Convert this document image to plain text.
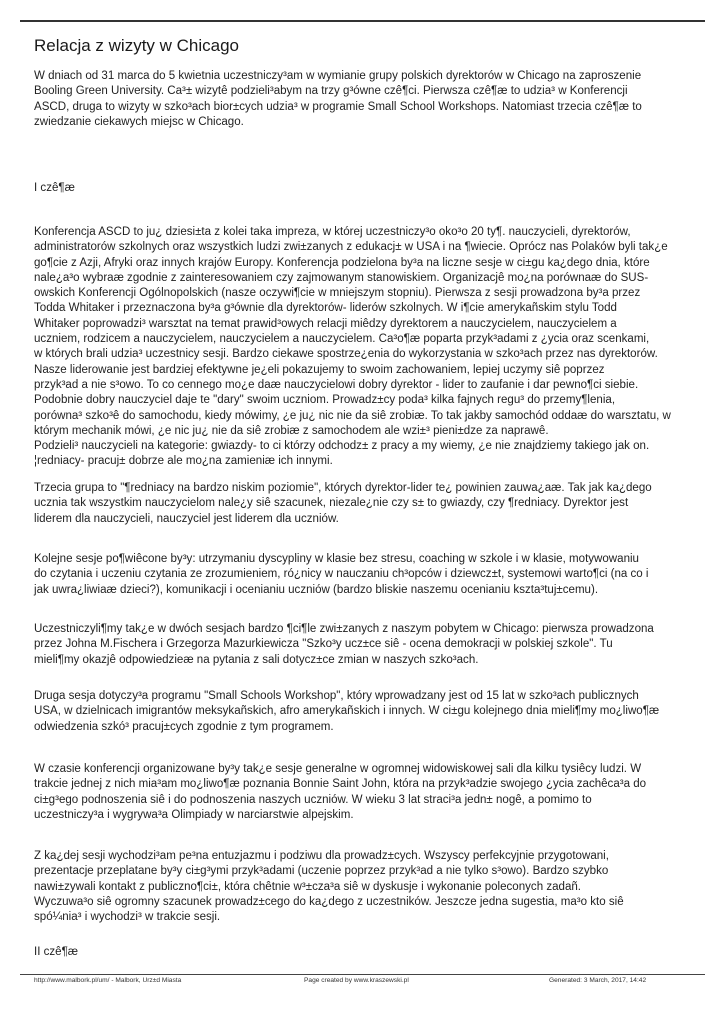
Relacja z wizyty w Chicago

W dniach od 31 marca do 5 kwietnia uczestniczy³am w wymianie grupy polskich dyrektorów w Chicago na zaproszenie
Booling Green University. Ca³± wizytê podzieli³abym na trzy g³ówne czê¶ci. Pierwsza czê¶æ to udzia³ w Konferencji
ASCD, druga to wizyty w szko³ach bior±cych udzia³ w programie Small School Workshops. Natomiast trzecia czê¶æ to
zwiedzanie ciekawych miejsc w Chicago.

I czê¶æ

Konferencja ASCD to ju¿ dziesi±ta z kolei taka impreza, w której uczestniczy³o oko³o 20 ty¶. nauczycieli, dyrektorów,
administratorów szkolnych oraz wszystkich ludzi zwi±zanych z edukacj± w USA i na ¶wiecie. Oprócz nas Polaków byli tak¿e
go¶cie z Azji, Afryki oraz innych krajów Europy. Konferencja podzielona by³a na liczne sesje w ci±gu ka¿dego dnia, które
nale¿a³o wybraæ zgodnie z zainteresowaniem czy zajmowanym stanowiskiem. Organizacjê mo¿na porównaæ do SUS-
owskich Konferencji Ogólnopolskich (nasze oczywi¶cie w mniejszym stopniu). Pierwsza z sesji prowadzona by³a przez
Todda Whitaker i przeznaczona by³a g³ównie dla dyrektorów- liderów szkolnych. W i¶cie amerykañskim stylu Todd
Whitaker poprowadzi³ warsztat na temat prawid³owych relacji miêdzy dyrektorem a nauczycielem, nauczycielem a
uczniem, rodzicem a nauczycielem, nauczycielem a nauczycielem. Ca³o¶æ poparta przyk³adami z ¿ycia oraz scenkami,
w których brali udzia³ uczestnicy sesji. Bardzo ciekawe spostrze¿enia do wykorzystania w szko³ach przez nas dyrektorów.
Nasze liderowanie jest bardziej efektywne je¿eli pokazujemy to swoim zachowaniem, lepiej uczymy siê poprzez
przyk³ad a nie s³owo. To co cennego mo¿e daæ nauczycielowi dobry dyrektor - lider to zaufanie i dar pewno¶ci siebie.
Podobnie dobry nauczyciel daje te "dary" swoim uczniom. Prowadz±cy poda³ kilka fajnych regu³ do przemy¶lenia,
porówna³ szko³ê do samochodu, kiedy mówimy, ¿e ju¿ nic nie da siê zrobiæ. To tak jakby samochód oddaæ do warsztatu, w
którym mechanik mówi, ¿e nic ju¿ nie da siê zrobiæ z samochodem ale wzi±³ pieni±dze za naprawê.
Podzieli³ nauczycieli na kategorie: gwiazdy- to ci którzy odchodz± z pracy a my wiemy, ¿e nie znajdziemy takiego jak on.
¦redniacy- pracuj± dobrze ale mo¿na zamieniæ ich innymi.

Trzecia grupa to "¶redniacy na bardzo niskim poziomie", których dyrektor-lider te¿ powinien zauwa¿aæ. Tak jak ka¿dego
ucznia tak wszystkim nauczycielom nale¿y siê szacunek, niezale¿nie czy s± to gwiazdy, czy ¶redniacy. Dyrektor jest
liderem dla nauczycieli, nauczyciel jest liderem dla uczniów.

Kolejne sesje po¶wiêcone by³y: utrzymaniu dyscypliny w klasie bez stresu, coaching w szkole i w klasie, motywowaniu
do czytania i uczeniu czytania ze zrozumieniem, ró¿nicy w nauczaniu ch³opców i dziewcz±t, systemowi warto¶ci (na co i
jak uwra¿liwiaæ dzieci?), komunikacji i ocenianiu uczniów (bardzo bliskie naszemu ocenianiu kszta³tuj±cemu).

Uczestniczyli¶my tak¿e w dwóch sesjach bardzo ¶ci¶le zwi±zanych z naszym pobytem w Chicago: pierwsza prowadzona
przez Johna M.Fischera i Grzegorza Mazurkiewicza "Szko³y ucz±ce siê - ocena demokracji w polskiej szkole". Tu
mieli¶my okazjê odpowiedzieæ na pytania z sali dotycz±ce zmian w naszych szko³ach.

Druga sesja dotyczy³a programu "Small Schools Workshop", który wprowadzany jest od 15 lat w szko³ach publicznych
USA, w dzielnicach imigrantów meksykañskich, afro amerykañskich i innych. W ci±gu kolejnego dnia mieli¶my mo¿liwo¶æ
odwiedzenia szkó³ pracuj±cych zgodnie z tym programem.

W czasie konferencji organizowane by³y tak¿e sesje generalne w ogromnej widowiskowej sali dla kilku tysiêcy ludzi. W
trakcie jednej z nich mia³am mo¿liwo¶æ poznania Bonnie Saint John, która na przyk³adzie swojego ¿ycia zachêca³a do
ci±g³ego podnoszenia siê i do podnoszenia naszych uczniów. W wieku 3 lat straci³a jedn± nogê, a pomimo to
uczestniczy³a i wygrywa³a Olimpiady w narciarstwie alpejskim.

Z ka¿dej sesji wychodzi³am pe³na entuzjazmu i podziwu dla prowadz±cych. Wszyscy perfekcyjnie przygotowani,
prezentacje przeplatane by³y ci±g³ymi przyk³adami (uczenie poprzez przyk³ad a nie tylko s³owo). Bardzo szybko
nawi±zywali kontakt z publiczno¶ci±, która chêtnie w³±cza³a siê w dyskusje i wykonanie poleconych zadañ.
Wyczuwa³o siê ogromny szacunek prowadz±cego do ka¿dego z uczestników. Jeszcze jedna sugestia, ma³o kto siê
spó¼nia³ i wychodzi³ w trakcie sesji.

II czê¶æ
http://www.malbork.pl/um/ - Malbork, Urz±d Miasta	Page created by www.kraszewski.pl	Generated: 3 March, 2017, 14:42
